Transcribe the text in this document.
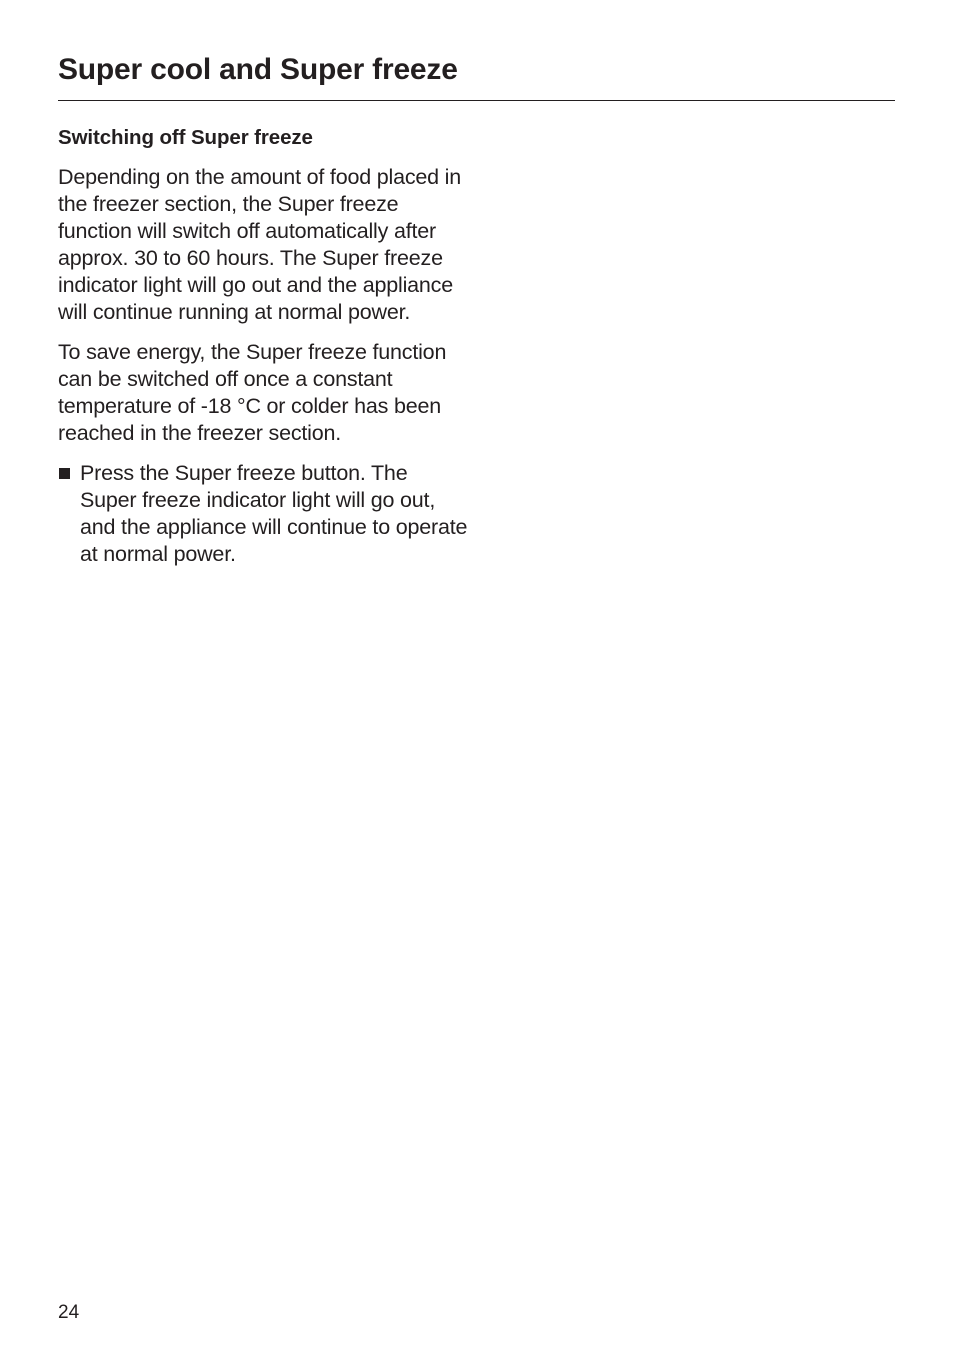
Super cool and Super freeze
Switching off Super freeze

Depending on the amount of food placed in the freezer section, the Super freeze function will switch off automatically after approx. 30 to 60 hours. The Super freeze indicator light will go out and the appliance will continue running at normal power.

To save energy, the Super freeze function can be switched off once a constant temperature of -18 °C or colder has been reached in the freezer section.

Press the Super freeze button. The Super freeze indicator light will go out, and the appliance will continue to operate at normal power.
24
